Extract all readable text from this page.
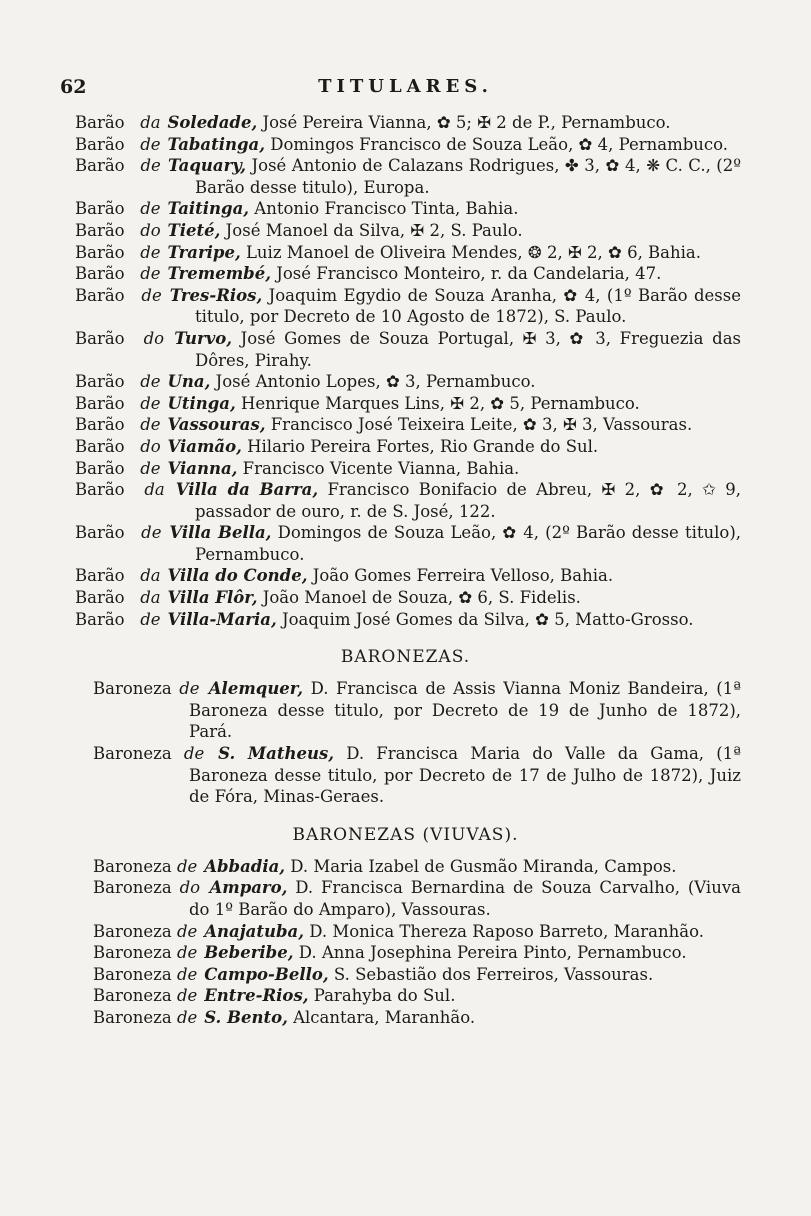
62	TITULARES.

Barão da Soledade, José Pereira Vianna, ✿ 5; ✠ 2 de P., Pernambuco.

Barão de Tabatinga, Domingos Francisco de Souza Leão, ✿ 4, Pernambuco.

Barão de Taquary, José Antonio de Calazans Rodrigues, ✤ 3, ✿ 4, ❋ C. C., (2º Barão desse titulo), Europa.

Barão de Taitinga, Antonio Francisco Tinta, Bahia.

Barão do Tieté, José Manoel da Silva, ✠ 2, S. Paulo.

Barão de Traripe, Luiz Manoel de Oliveira Mendes, ❂ 2, ✠ 2, ✿ 6, Bahia.

Barão de Tremembé, José Francisco Monteiro, r. da Candelaria, 47.

Barão de Tres-Rios, Joaquim Egydio de Souza Aranha, ✿ 4, (1º Barão desse titulo, por Decreto de 10 Agosto de 1872), S. Paulo.

Barão do Turvo, José Gomes de Souza Portugal, ✠ 3, ✿ 3, Freguezia das Dôres, Pirahy.

Barão de Una, José Antonio Lopes, ✿ 3, Pernambuco.

Barão de Utinga, Henrique Marques Lins, ✠ 2, ✿ 5, Pernambuco.

Barão de Vassouras, Francisco José Teixeira Leite, ✿ 3, ✠ 3, Vassouras.

Barão do Viamão, Hilario Pereira Fortes, Rio Grande do Sul.

Barão de Vianna, Francisco Vicente Vianna, Bahia.

Barão da Villa da Barra, Francisco Bonifacio de Abreu, ✠ 2, ✿ 2, ✩ 9, passador de ouro, r. de S. José, 122.

Barão de Villa Bella, Domingos de Souza Leão, ✿ 4, (2º Barão desse titulo), Pernambuco.

Barão da Villa do Conde, João Gomes Ferreira Velloso, Bahia.

Barão da Villa Flôr, João Manoel de Souza, ✿ 6, S. Fidelis.

Barão de Villa-Maria, Joaquim José Gomes da Silva, ✿ 5, Matto-Grosso.

BARONEZAS.

Baroneza de Alemquer, D. Francisca de Assis Vianna Moniz Bandeira, (1ª Baroneza desse titulo, por Decreto de 19 de Junho de 1872), Pará.

Baroneza de S. Matheus, D. Francisca Maria do Valle da Gama, (1ª Baroneza desse titulo, por Decreto de 17 de Julho de 1872), Juiz de Fóra, Minas-Geraes.

BARONEZAS (VIUVAS).

Baroneza de Abbadia, D. Maria Izabel de Gusmão Miranda, Campos.

Baroneza do Amparo, D. Francisca Bernardina de Souza Carvalho, (Viuva do 1º Barão do Amparo), Vassouras.

Baroneza de Anajatuba, D. Monica Thereza Raposo Barreto, Maranhão.

Baroneza de Beberibe, D. Anna Josephina Pereira Pinto, Pernambuco.

Baroneza de Campo-Bello, S. Sebastião dos Ferreiros, Vassouras.

Baroneza de Entre-Rios, Parahyba do Sul.

Baroneza de S. Bento, Alcantara, Maranhão.
